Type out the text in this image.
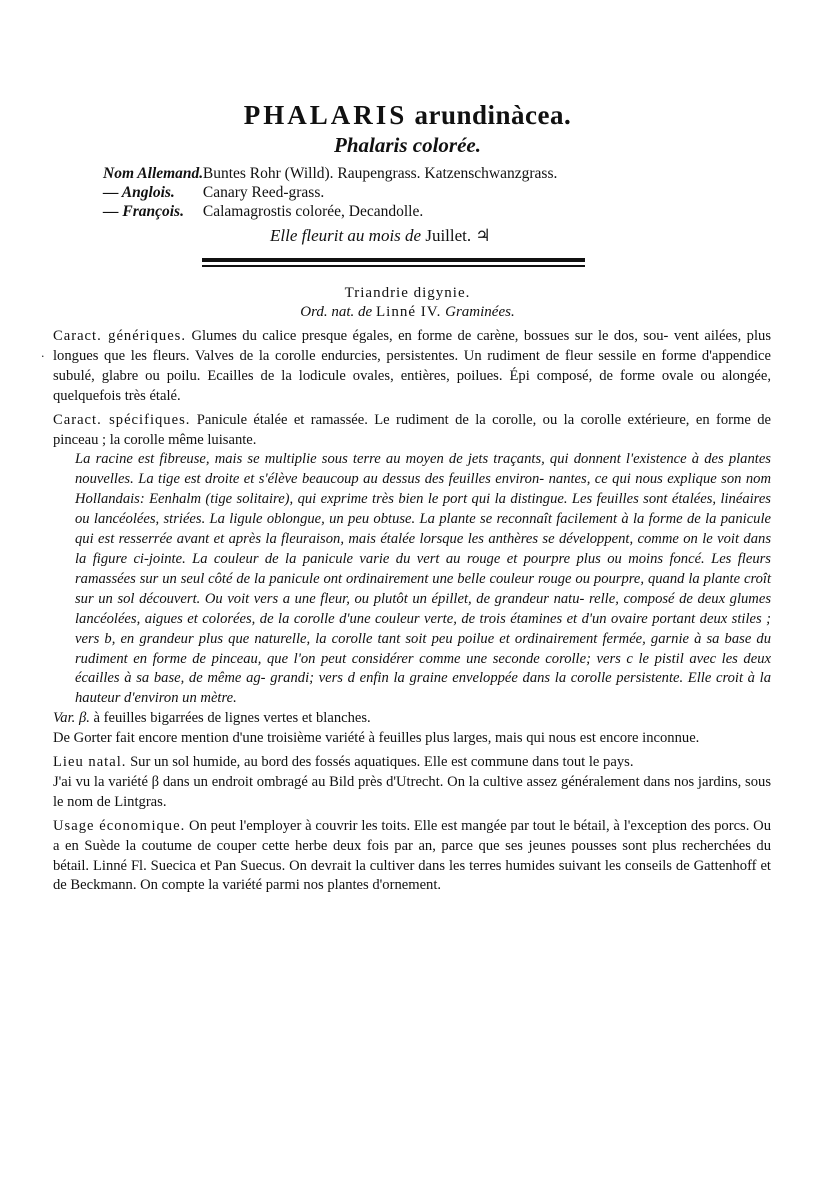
PHALARIS arundinàcea.
Phalaris colorée.
Nom Allemand. Buntes Rohr (Willd). Raupengrass. Katzenschwanzgrass.
— Anglois. Canary Reed-grass.
— François. Calamagrostis colorée, Decandolle.
Elle fleurit au mois de Juillet. ♃
Triandrie digynie.
Ord. nat. de Linné IV. Graminées.
.

Caract. génériques. Glumes du calice presque égales, en forme de carène, bossues sur le dos, sou- vent ailées, plus longues que les fleurs. Valves de la corolle endurcies, persistentes. Un rudiment de fleur sessile en forme d'appendice subulé, glabre ou poilu. Ecailles de la lodicule ovales, entières, poilues. Épi composé, de forme ovale ou alongée, quelquefois très étalé.

Caract. spécifiques. Panicule étalée et ramassée. Le rudiment de la corolle, ou la corolle extérieure, en forme de pinceau ; la corolle même luisante.

La racine est fibreuse, mais se multiplie sous terre au moyen de jets traçants, qui donnent l'existence à des plantes nouvelles. La tige est droite et s'élève beaucoup au dessus des feuilles environ- nantes, ce qui nous explique son nom Hollandais: Eenhalm (tige solitaire), qui exprime très bien le port qui la distingue. Les feuilles sont étalées, linéaires ou lancéolées, striées. La ligule oblongue, un peu obtuse. La plante se reconnaît facilement à la forme de la panicule qui est resserrée avant et après la fleuraison, mais étalée lorsque les anthères se développent, comme on le voit dans la figure ci-jointe. La couleur de la panicule varie du vert au rouge et pourpre plus ou moins foncé. Les fleurs ramassées sur un seul côté de la panicule ont ordinairement une belle couleur rouge ou pourpre, quand la plante croît sur un sol découvert. Ou voit vers a une fleur, ou plutôt un épillet, de grandeur natu- relle, composé de deux glumes lancéolées, aigues et colorées, de la corolle d'une couleur verte, de trois étamines et d'un ovaire portant deux stiles ; vers b, en grandeur plus que naturelle, la corolle tant soit peu poilue et ordinairement fermée, garnie à sa base du rudiment en forme de pinceau, que l'on peut considérer comme une seconde corolle; vers c le pistil avec les deux écailles à sa base, de même ag- grandi; vers d enfin la graine enveloppée dans la corolle persistente. Elle croit à la hauteur d'environ un mètre.

Var. β. à feuilles bigarrées de lignes vertes et blanches.

De Gorter fait encore mention d'une troisième variété à feuilles plus larges, mais qui nous est encore inconnue.

Lieu natal. Sur un sol humide, au bord des fossés aquatiques. Elle est commune dans tout le pays.

J'ai vu la variété β dans un endroit ombragé au Bild près d'Utrecht. On la cultive assez généralement dans nos jardins, sous le nom de Lintgras.

Usage économique. On peut l'employer à couvrir les toits. Elle est mangée par tout le bétail, à l'exception des porcs. Ou a en Suède la coutume de couper cette herbe deux fois par an, parce que ses jeunes pousses sont plus recherchées du bétail. Linné Fl. Suecica et Pan Suecus. On devrait la cultiver dans les terres humides suivant les conseils de Gattenhoff et de Beckmann. On compte la variété parmi nos plantes d'ornement.
